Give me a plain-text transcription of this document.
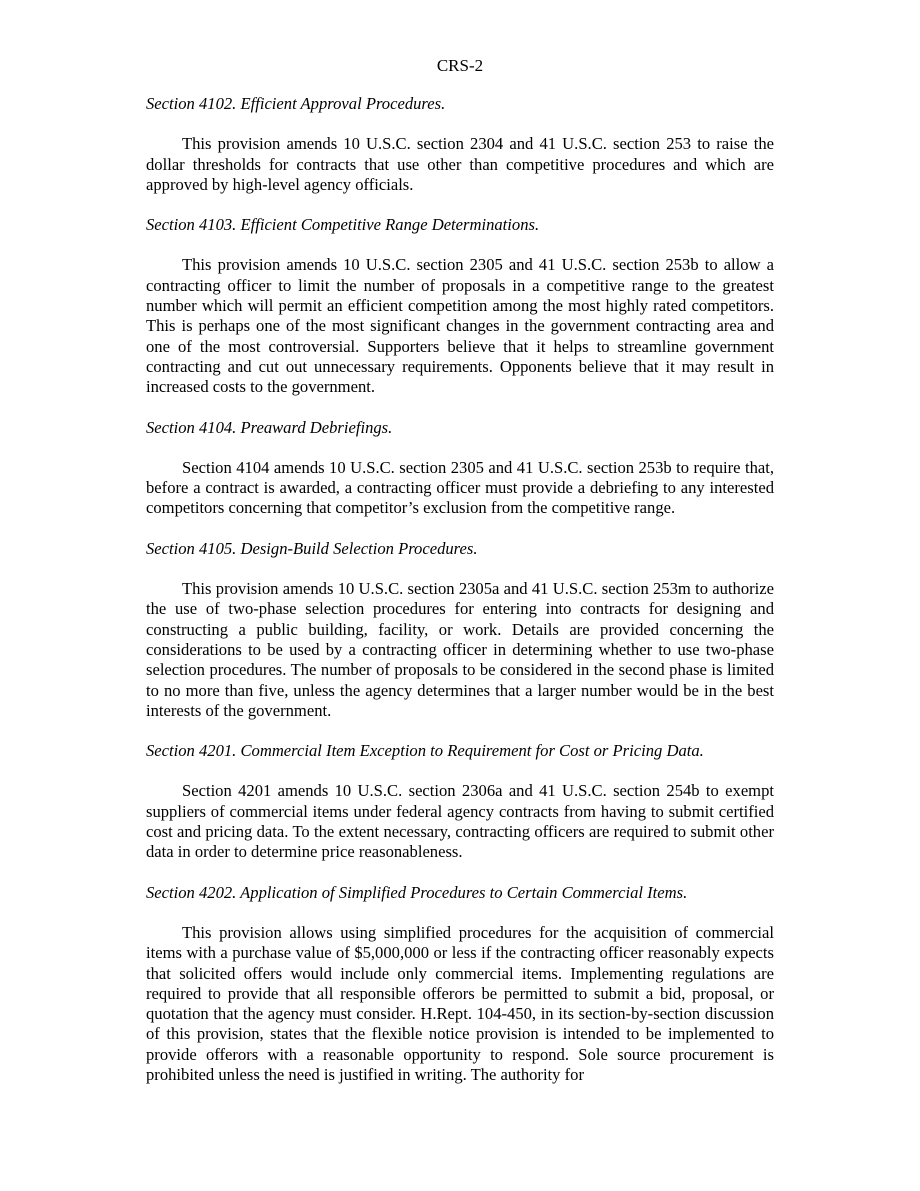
CRS-2

Section 4102. Efficient Approval Procedures.

This provision amends 10 U.S.C. section 2304 and 41 U.S.C. section 253 to raise the dollar thresholds for contracts that use other than competitive procedures and which are approved by high-level agency officials.

Section 4103. Efficient Competitive Range Determinations.

This provision amends 10 U.S.C. section 2305 and 41 U.S.C. section 253b to allow a contracting officer to limit the number of proposals in a competitive range to the greatest number which will permit an efficient competition among the most highly rated competitors. This is perhaps one of the most significant changes in the government contracting area and one of the most controversial. Supporters believe that it helps to streamline government contracting and cut out unnecessary requirements. Opponents believe that it may result in increased costs to the government.

Section 4104. Preaward Debriefings.

Section 4104 amends 10 U.S.C. section 2305 and 41 U.S.C. section 253b to require that, before a contract is awarded, a contracting officer must provide a debriefing to any interested competitors concerning that competitor’s exclusion from the competitive range.

Section 4105. Design-Build Selection Procedures.

This provision amends 10 U.S.C. section 2305a and 41 U.S.C. section 253m to authorize the use of two-phase selection procedures for entering into contracts for designing and constructing a public building, facility, or work. Details are provided concerning the considerations to be used by a contracting officer in determining whether to use two-phase selection procedures. The number of proposals to be considered in the second phase is limited to no more than five, unless the agency determines that a larger number would be in the best interests of the government.

Section 4201. Commercial Item Exception to Requirement for Cost or Pricing Data.

Section 4201 amends 10 U.S.C. section 2306a and 41 U.S.C. section 254b to exempt suppliers of commercial items under federal agency contracts from having to submit certified cost and pricing data. To the extent necessary, contracting officers are required to submit other data in order to determine price reasonableness.

Section 4202. Application of Simplified Procedures to Certain Commercial Items.

This provision allows using simplified procedures for the acquisition of commercial items with a purchase value of $5,000,000 or less if the contracting officer reasonably expects that solicited offers would include only commercial items. Implementing regulations are required to provide that all responsible offerors be permitted to submit a bid, proposal, or quotation that the agency must consider. H.Rept. 104-450, in its section-by-section discussion of this provision, states that the flexible notice provision is intended to be implemented to provide offerors with a reasonable opportunity to respond. Sole source procurement is prohibited unless the need is justified in writing. The authority for
